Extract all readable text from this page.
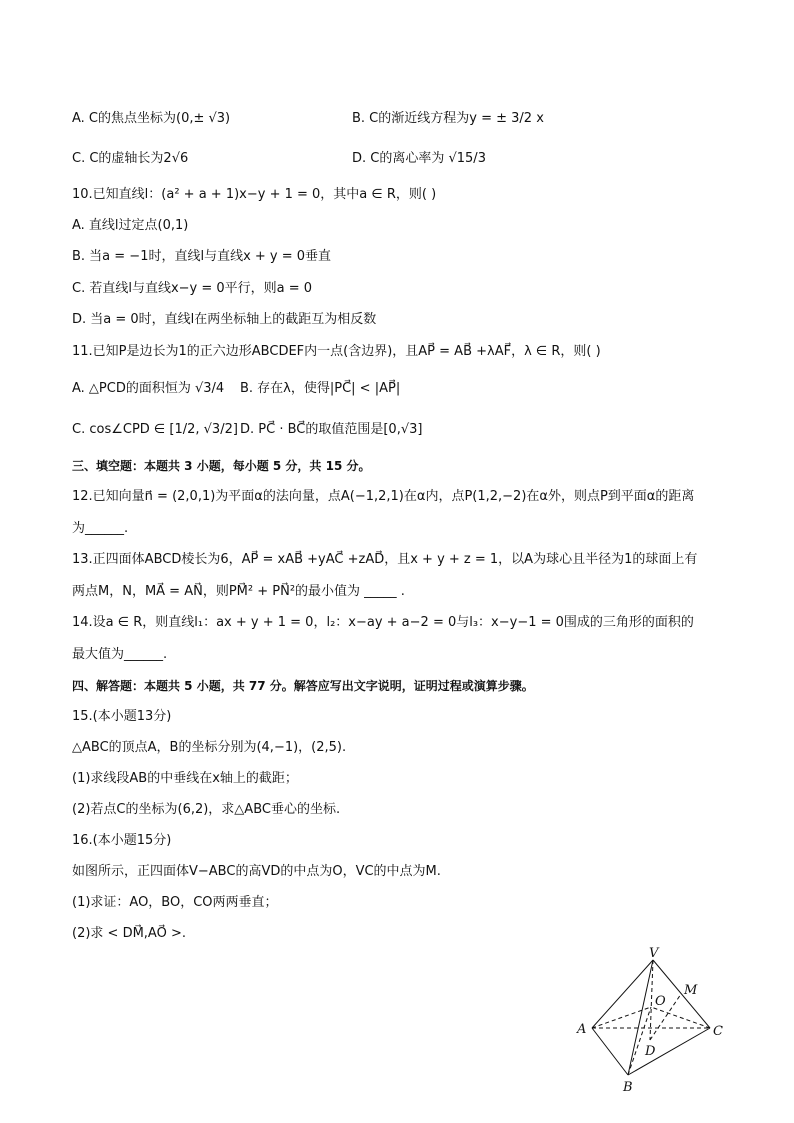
A. C的焦点坐标为(0,± √3)	B. C的渐近线方程为y = ± 3/2 x
C. C的虚轴长为2√6	D. C的离心率为 √15/3
10.已知直线l：(a² + a + 1)x−y + 1 = 0，其中a ∈ R，则( )
A. 直线l过定点(0,1)
B. 当a = −1时，直线l与直线x + y = 0垂直
C. 若直线l与直线x−y = 0平行，则a = 0
D. 当a = 0时，直线l在两坐标轴上的截距互为相反数
11.已知P是边长为1的正六边形ABCDEF内一点(含边界)，且AP⃗ = AB⃗ +λAF⃗，λ ∈ R，则( )
A. △PCD的面积恒为 √3/4 B. 存在λ，使得|PC⃗| < |AP⃗|
C. cos∠CPD ∈ [1/2, √3/2] D. PC⃗ · BC⃗的取值范围是[0,√3]
三、填空题：本题共 3 小题，每小题 5 分，共 15 分。
12.已知向量n⃗ = (2,0,1)为平面α的法向量，点A(−1,2,1)在α内，点P(1,2,−2)在α外，则点P到平面α的距离
为______.
13.正四面体ABCD棱长为6，AP⃗ = xAB⃗ +yAC⃗ +zAD⃗，且x + y + z = 1，以A为球心且半径为1的球面上有
两点M，N，MA⃗ = AN⃗，则PM⃗² + PN⃗²的最小值为 _____ .
14.设a ∈ R，则直线l₁：ax + y + 1 = 0，l₂：x−ay + a−2 = 0与l₃：x−y−1 = 0围成的三角形的面积的
最大值为______.
四、解答题：本题共 5 小题，共 77 分。解答应写出文字说明，证明过程或演算步骤。
15.(本小题13分)
△ABC的顶点A，B的坐标分别为(4,−1)，(2,5).
(1)求线段AB的中垂线在x轴上的截距；
(2)若点C的坐标为(6,2)，求△ABC垂心的坐标.
16.(本小题15分)
如图所示，正四面体V−ABC的高VD的中点为O，VC的中点为M.
(1)求证：AO，BO，CO两两垂直；
(2)求 < DM⃗,AO⃗ >.
V
A
B
C
O
M
D
